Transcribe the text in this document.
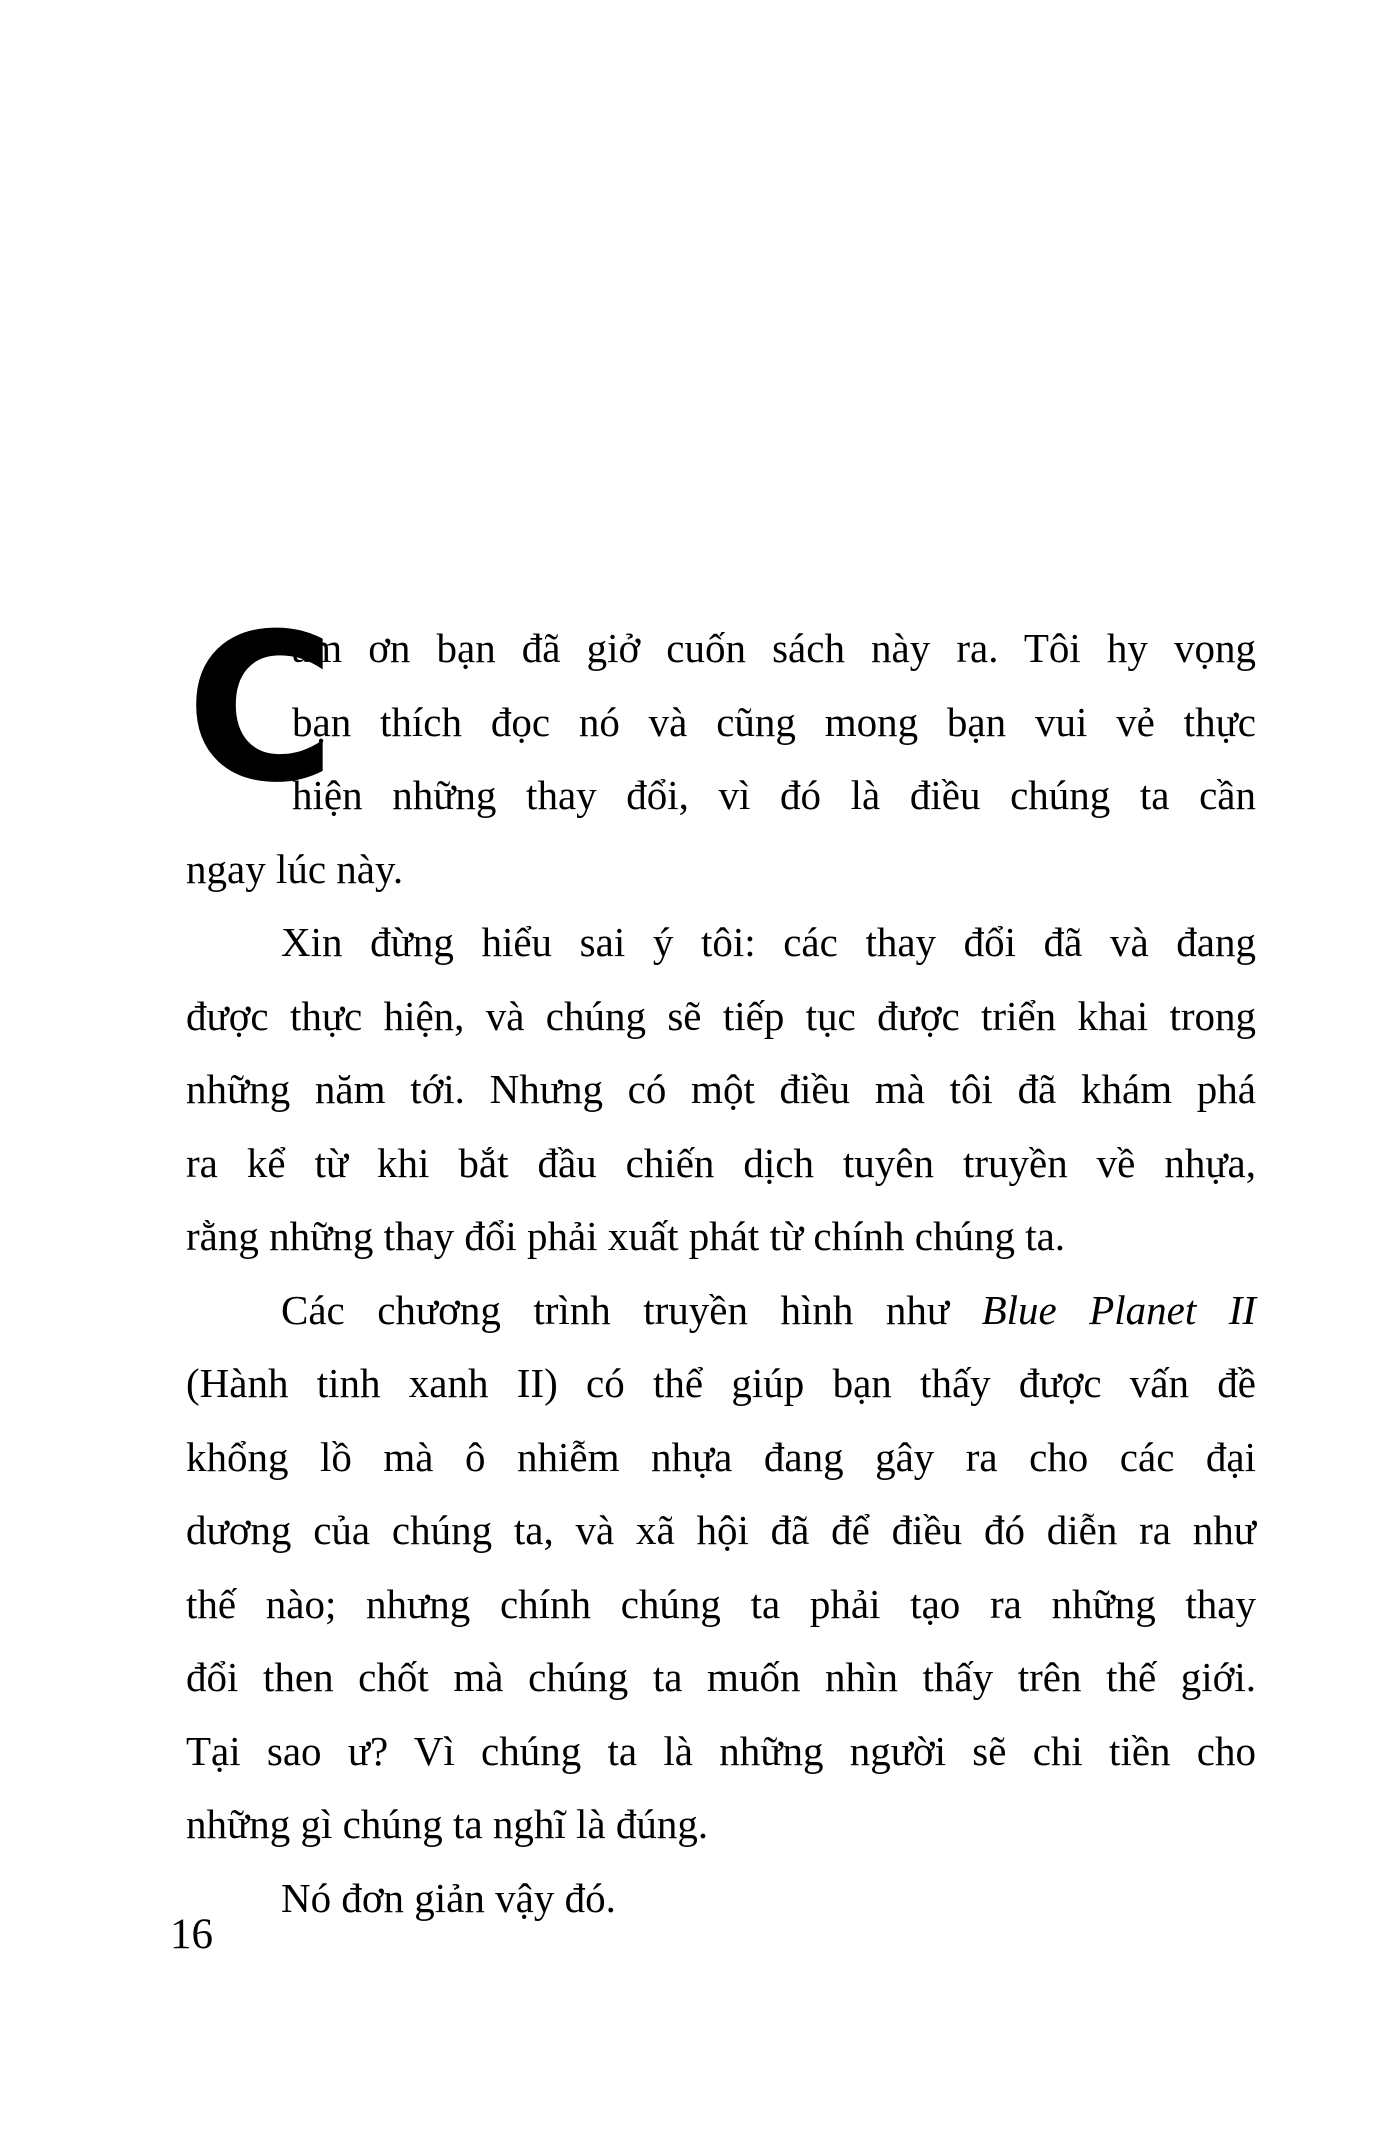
C
ảm ơn bạn đã giở cuốn sách này ra. Tôi hy vọng
bạn thích đọc nó và cũng mong bạn vui vẻ thực
hiện những thay đổi, vì đó là điều chúng ta cần
ngay lúc này.
Xin đừng hiểu sai ý tôi: các thay đổi đã và đang
được thực hiện, và chúng sẽ tiếp tục được triển khai trong
những năm tới. Nhưng có một điều mà tôi đã khám phá
ra kể từ khi bắt đầu chiến dịch tuyên truyền về nhựa,
rằng những thay đổi phải xuất phát từ chính chúng ta.
Các chương trình truyền hình như Blue Planet II
(Hành tinh xanh II) có thể giúp bạn thấy được vấn đề
khổng lồ mà ô nhiễm nhựa đang gây ra cho các đại
dương của chúng ta, và xã hội đã để điều đó diễn ra như
thế nào; nhưng chính chúng ta phải tạo ra những thay
đổi then chốt mà chúng ta muốn nhìn thấy trên thế giới.
Tại sao ư? Vì chúng ta là những người sẽ chi tiền cho
những gì chúng ta nghĩ là đúng.
Nó đơn giản vậy đó.
16
